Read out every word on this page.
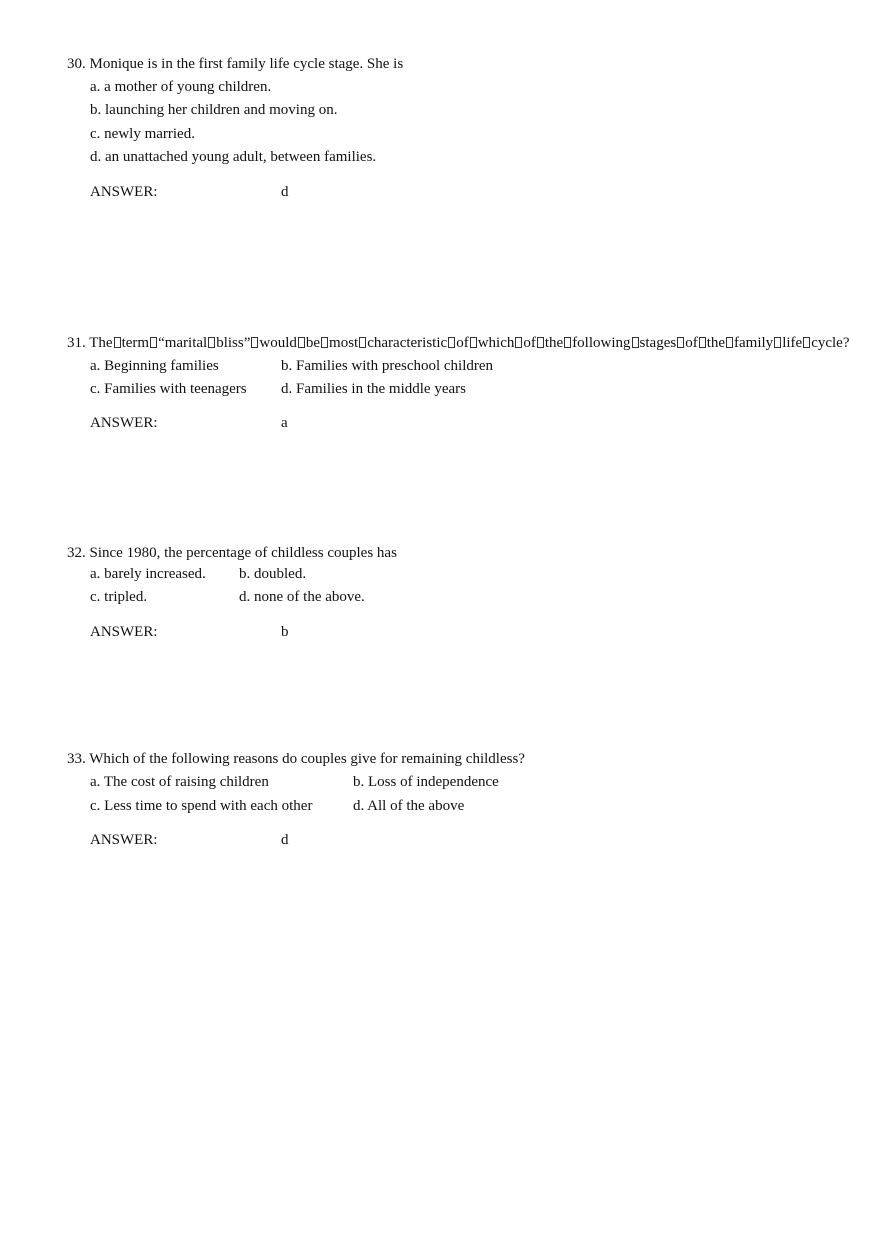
30. Monique is in the first family life cycle stage. She is
a. a mother of young children.
b. launching her children and moving on.
c. newly married.
d. an unattached young adult, between families.
ANSWER:	d
31. The term “marital bliss” would be most characteristic of which of the following stages of the family life cycle?
a. Beginning families	b. Families with preschool children
c. Families with teenagers d. Families in the middle years
ANSWER:	a
32. Since 1980, the percentage of childless couples has
a. barely increased. b. doubled.
c. tripled.	d. none of the above.
ANSWER:	b
33. Which of the following reasons do couples give for remaining childless?
a. The cost of raising children	b. Loss of independence
c. Less time to spend with each other	d. All of the above
ANSWER:	d
